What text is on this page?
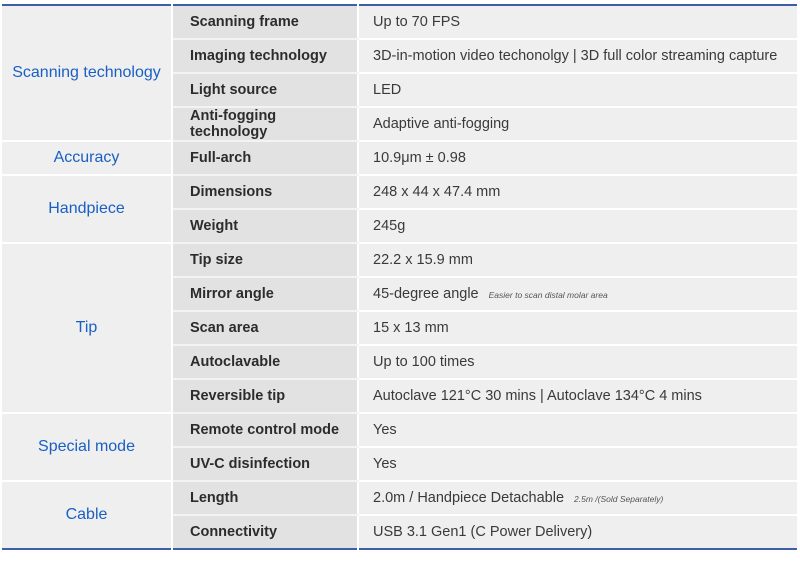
Scanning technology	Scanning frame	Up to 70 FPS
	Imaging technology	3D-in-motion video techonolgy | 3D full color streaming capture
	Light source	LED
	Anti-fogging technology	Adaptive anti-fogging
Accuracy	Full-arch	10.9μm ± 0.98
Handpiece	Dimensions	248 x 44 x 47.4 mm
	Weight	245g
Tip	Tip size	22.2 x 15.9 mm
	Mirror angle	45-degree angle Easier to scan distal molar area
	Scan area	15 x 13 mm
	Autoclavable	Up to 100 times
	Reversible tip	Autoclave 121°C 30 mins | Autoclave 134°C 4 mins
Special mode	Remote control mode	Yes
	UV-C disinfection	Yes
Cable	Length	2.0m / Handpiece Detachable 2.5m /(Sold Separately)
	Connectivity	USB 3.1 Gen1 (C Power Delivery)
